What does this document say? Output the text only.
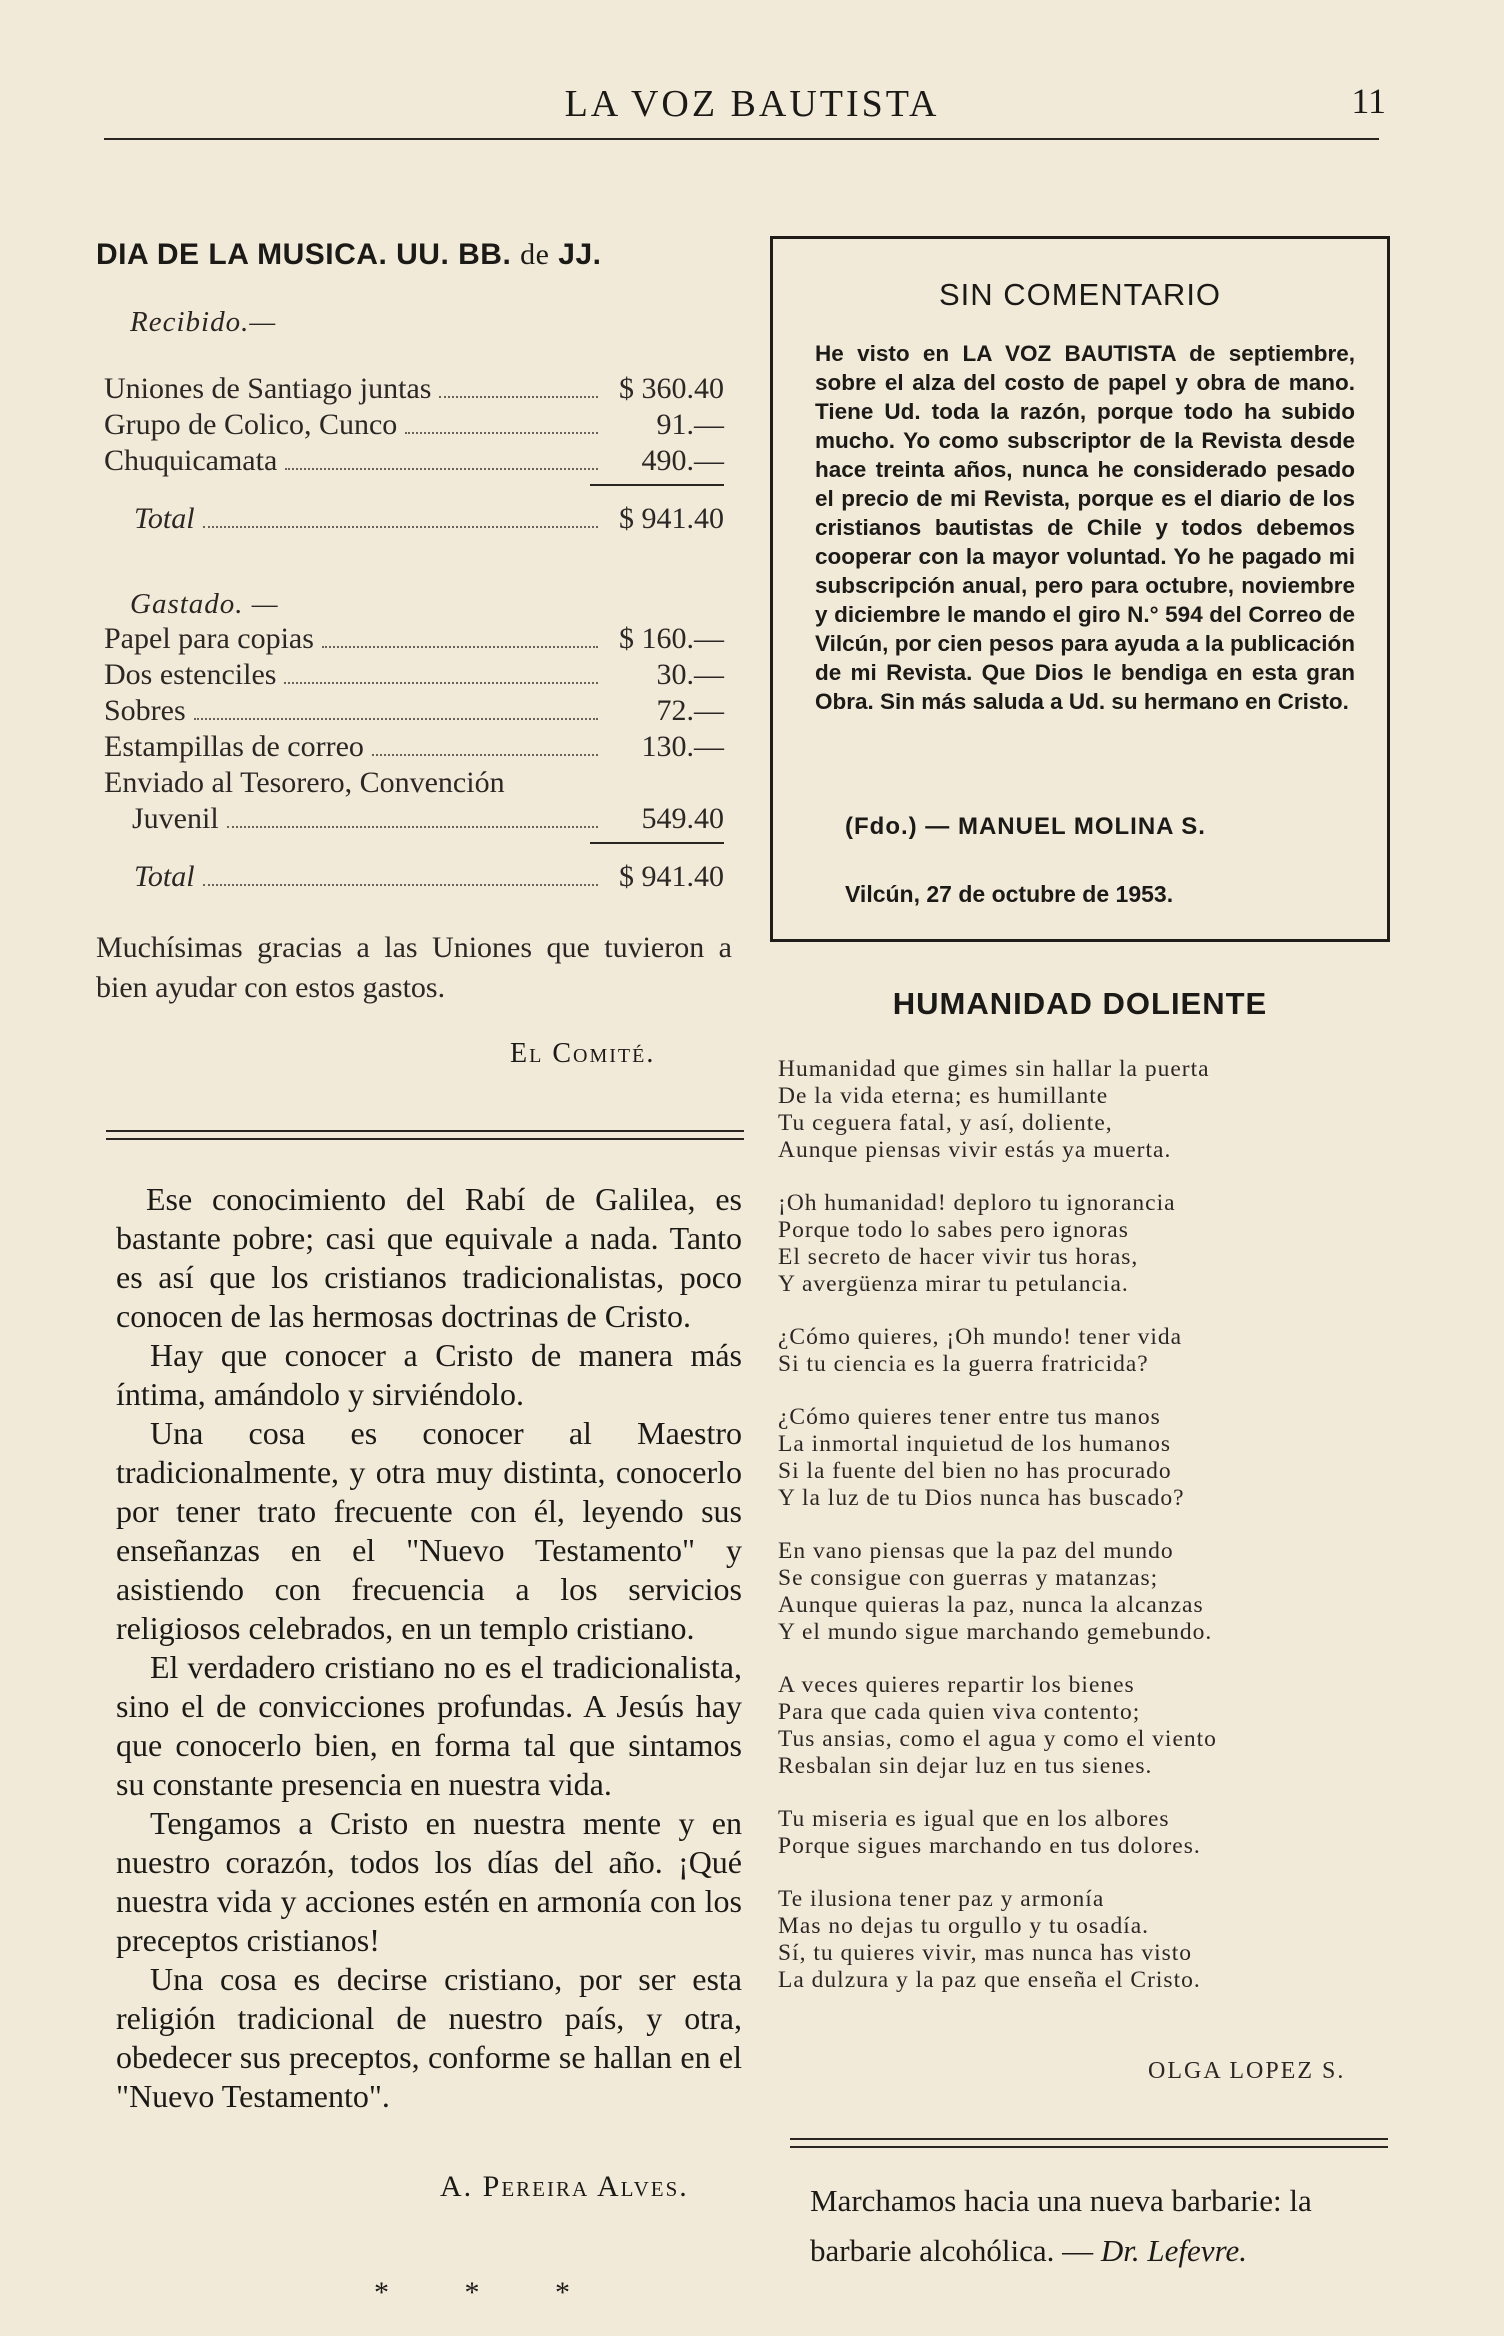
LA VOZ BAUTISTA	11
DIA DE LA MUSICA. UU. BB. de JJ.
Recibido.—
Uniones de Santiago juntas	$ 360.40
Grupo de Colico, Cunco	91.—
Chuquicamata	490.—
Total	$ 941.40
Gastado. —
Papel para copias	$ 160.—
Dos estenciles	30.—
Sobres	72.—
Estampillas de correo	130.—
Enviado al Tesorero, Convención
Juvenil	549.40
Total	$ 941.40
Muchísimas gracias a las Uniones que tuvieron a bien ayudar con estos gastos.
El Comité.

Ese conocimiento del Rabí de Galilea, es bastante pobre; casi que equivale a nada. Tanto es así que los cristianos tradicionalistas, poco conocen de las hermosas doctrinas de Cristo.

Hay que conocer a Cristo de manera más íntima, amándolo y sirviéndolo.

Una cosa es conocer al Maestro tradicionalmente, y otra muy distinta, conocerlo por tener trato frecuente con él, leyendo sus enseñanzas en el "Nuevo Testamento" y asistiendo con frecuencia a los servicios religiosos celebrados, en un templo cristiano.

El verdadero cristiano no es el tradicionalista, sino el de convicciones profundas. A Jesús hay que conocerlo bien, en forma tal que sintamos su constante presencia en nuestra vida.

Tengamos a Cristo en nuestra mente y en nuestro corazón, todos los días del año. ¡Qué nuestra vida y acciones estén en armonía con los preceptos cristianos!

Una cosa es decirse cristiano, por ser esta religión tradicional de nuestro país, y otra, obedecer sus preceptos, conforme se hallan en el "Nuevo Testamento".

A. Pereira Alves.
* * *
SIN COMENTARIO
He visto en LA VOZ BAUTISTA de septiembre, sobre el alza del costo de papel y obra de mano. Tiene Ud. toda la razón, porque todo ha subido mucho. Yo como subscriptor de la Revista desde hace treinta años, nunca he considerado pesado el precio de mi Revista, porque es el diario de los cristianos bautistas de Chile y todos debemos cooperar con la mayor voluntad. Yo he pagado mi subscripción anual, pero para octubre, noviembre y diciembre le mando el giro N.° 594 del Correo de Vilcún, por cien pesos para ayuda a la publicación de mi Revista. Que Dios le bendiga en esta gran Obra. Sin más saluda a Ud. su hermano en Cristo.
(Fdo.) — MANUEL MOLINA S.
Vilcún, 27 de octubre de 1953.
HUMANIDAD DOLIENTE
Humanidad que gimes sin hallar la puerta
De la vida eterna; es humillante
Tu ceguera fatal, y así, doliente,
Aunque piensas vivir estás ya muerta.
¡Oh humanidad! deploro tu ignorancia
Porque todo lo sabes pero ignoras
El secreto de hacer vivir tus horas,
Y avergüenza mirar tu petulancia.
¿Cómo quieres, ¡Oh mundo! tener vida
Si tu ciencia es la guerra fratricida?
¿Cómo quieres tener entre tus manos
La inmortal inquietud de los humanos
Si la fuente del bien no has procurado
Y la luz de tu Dios nunca has buscado?
En vano piensas que la paz del mundo
Se consigue con guerras y matanzas;
Aunque quieras la paz, nunca la alcanzas
Y el mundo sigue marchando gemebundo.
A veces quieres repartir los bienes
Para que cada quien viva contento;
Tus ansias, como el agua y como el viento
Resbalan sin dejar luz en tus sienes.
Tu miseria es igual que en los albores
Porque sigues marchando en tus dolores.
Te ilusiona tener paz y armonía
Mas no dejas tu orgullo y tu osadía.
Sí, tu quieres vivir, mas nunca has visto
La dulzura y la paz que enseña el Cristo.
OLGA LOPEZ S.
Marchamos hacia una nueva barbarie: la barbarie alcohólica. — Dr. Lefevre.
